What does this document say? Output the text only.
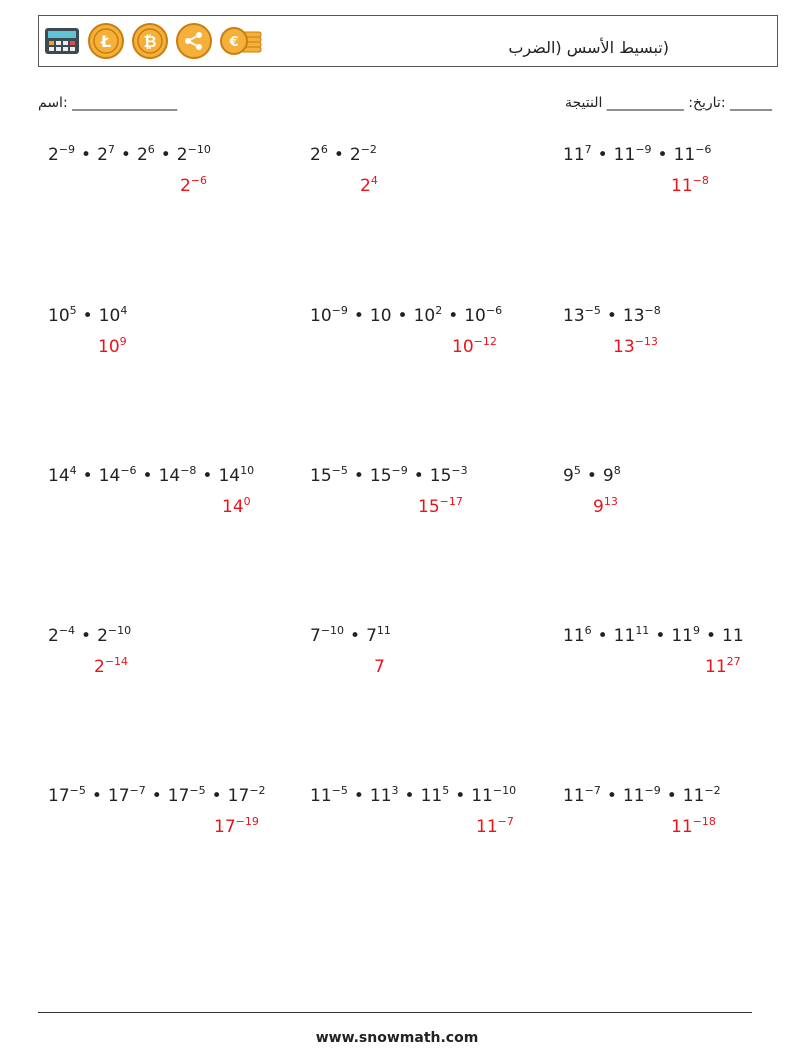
Ł ₿	€	(تبسيط الأسس (الضرب
_______________ :اسم	______ :تاريخ: ___________ النتيجة
$2^{-9}$ • $2^7$ • $2^6$ • $2^{-10}$
$2^{-6}$
$2^6$ • $2^{-2}$
$2^4$
$11^7$ • $11^{-9}$ • $11^{-6}$
$11^{-8}$
$10^5$ • $10^4$
$10^9$
$10^{-9}$ • 10 • $10^2$ • $10^{-6}$
$10^{-12}$
$13^{-5}$ • $13^{-8}$
$13^{-13}$
$14^4$ • $14^{-6}$ • $14^{-8}$ • $14^{10}$
$14^0$
$15^{-5}$ • $15^{-9}$ • $15^{-3}$
$15^{-17}$
$9^5$ • $9^8$
$9^{13}$
$2^{-4}$ • $2^{-10}$
$2^{-14}$
$7^{-10}$ • $7^{11}$
7
$11^6$ • $11^{11}$ • $11^9$ • 11
$11^{27}$
$17^{-5}$ • $17^{-7}$ • $17^{-5}$ • $17^{-2}$
$17^{-19}$
$11^{-5}$ • $11^3$ • $11^5$ • $11^{-10}$
$11^{-7}$
$11^{-7}$ • $11^{-9}$ • $11^{-2}$
$11^{-18}$
www.snowmath.com
